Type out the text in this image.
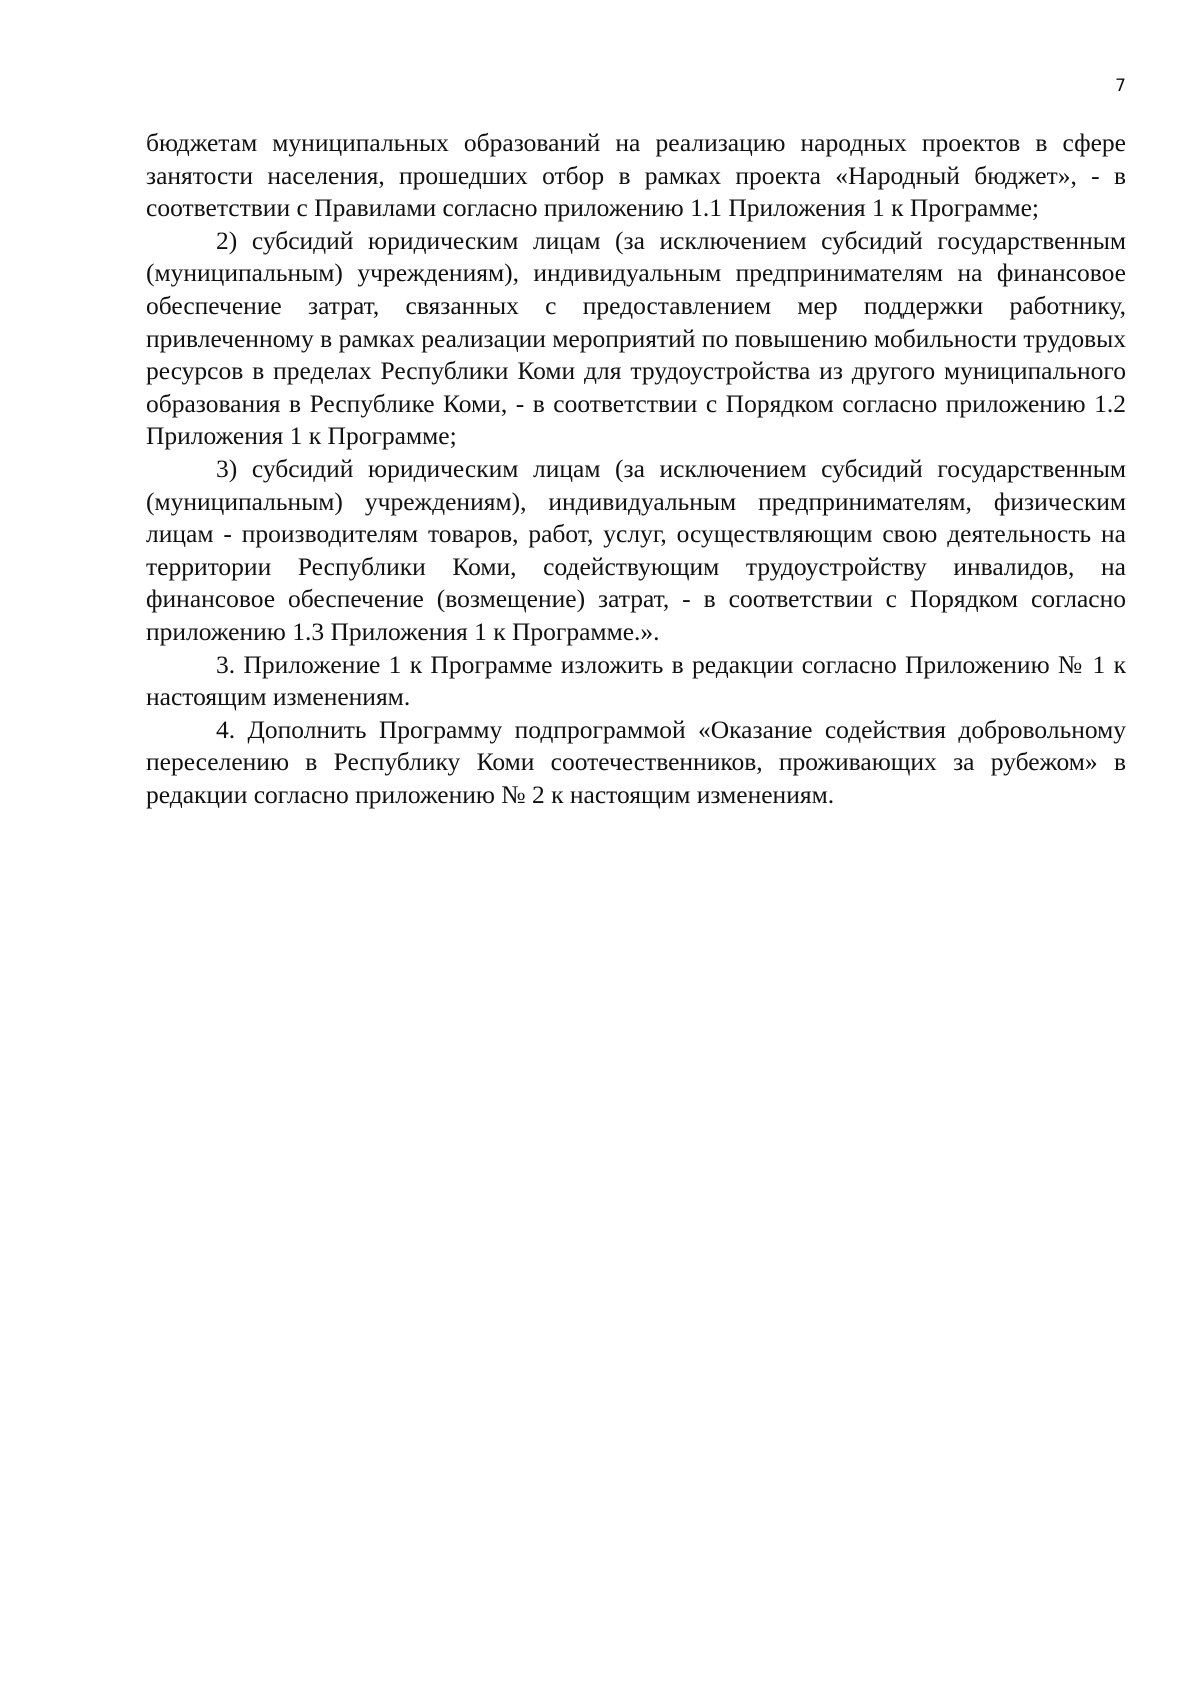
7

бюджетам муниципальных образований на реализацию народных проектов в сфере занятости населения, прошедших отбор в рамках проекта «Народный бюджет», - в соответствии с Правилами согласно приложению 1.1 Приложения 1 к Программе;

2) субсидий юридическим лицам (за исключением субсидий государственным (муниципальным) учреждениям), индивидуальным предпринимателям на финансовое обеспечение затрат, связанных с предоставлением мер поддержки работнику, привлеченному в рамках реализации мероприятий по повышению мобильности трудовых ресурсов в пределах Республики Коми для трудоустройства из другого муниципального образования в Республике Коми, - в соответствии с Порядком согласно приложению 1.2 Приложения 1 к Программе;

3) субсидий юридическим лицам (за исключением субсидий государственным (муниципальным) учреждениям), индивидуальным предпринимателям, физическим лицам - производителям товаров, работ, услуг, осуществляющим свою деятельность на территории Республики Коми, содействующим трудоустройству инвалидов, на финансовое обеспечение (возмещение) затрат, - в соответствии с Порядком согласно приложению 1.3 Приложения 1 к Программе.».

3. Приложение 1 к Программе изложить в редакции согласно Приложению № 1 к настоящим изменениям.

4. Дополнить Программу подпрограммой «Оказание содействия добровольному переселению в Республику Коми соотечественников, проживающих за рубежом» в редакции согласно приложению № 2 к настоящим изменениям.
